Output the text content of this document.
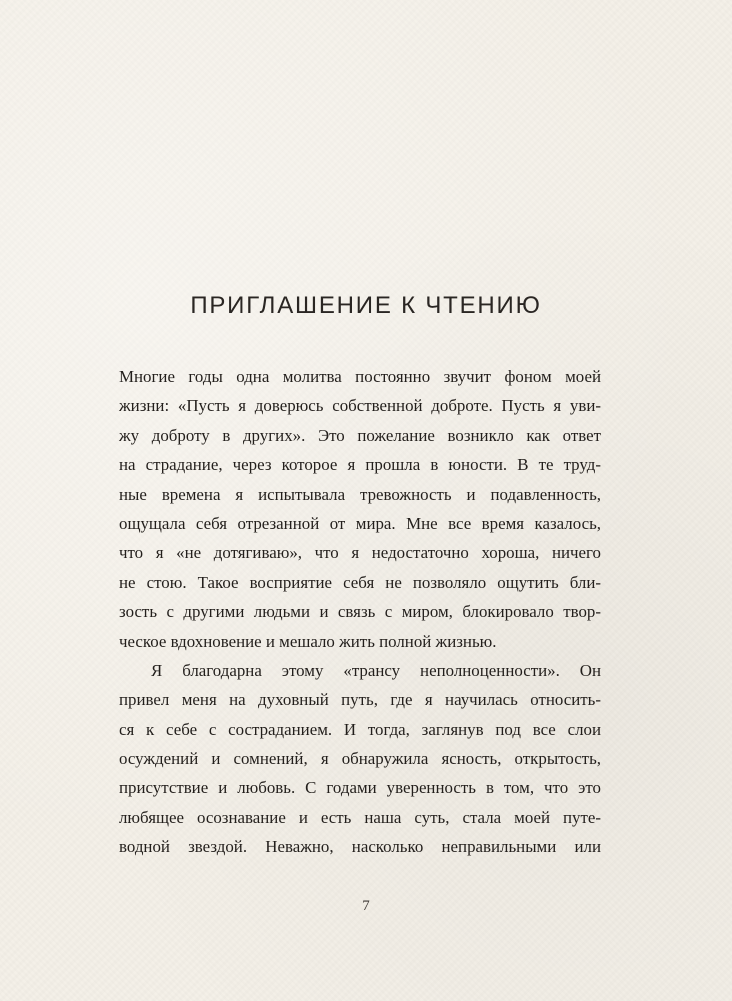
ПРИГЛАШЕНИЕ К ЧТЕНИЮ
Многие годы одна молитва постоянно звучит фоном моей
жизни: «Пусть я доверюсь собственной доброте. Пусть я уви-
жу доброту в других». Это пожелание возникло как ответ
на страдание, через которое я прошла в юности. В те труд-
ные времена я испытывала тревожность и подавленность,
ощущала себя отрезанной от мира. Мне все время казалось,
что я «не дотягиваю», что я недостаточно хороша, ничего
не стою. Такое восприятие себя не позволяло ощутить бли-
зость с другими людьми и связь с миром, блокировало твор-
ческое вдохновение и мешало жить полной жизнью.
Я благодарна этому «трансу неполноценности». Он
привел меня на духовный путь, где я научилась относить-
ся к себе с состраданием. И тогда, заглянув под все слои
осуждений и сомнений, я обнаружила ясность, открытость,
присутствие и любовь. С годами уверенность в том, что это
любящее осознавание и есть наша суть, стала моей путе-
водной звездой. Неважно, насколько неправильными или
7
